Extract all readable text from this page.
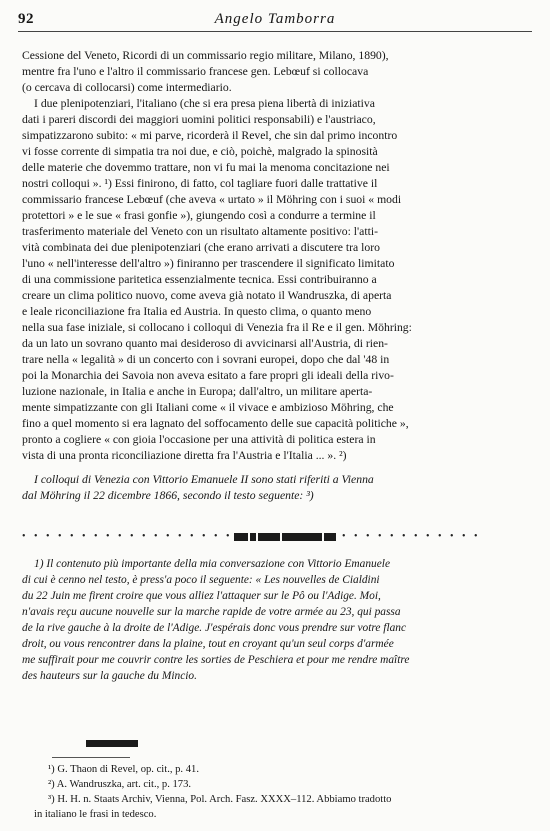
92	Angelo Tamborra
Cessione del Veneto, Ricordi di un commissario regio militare, Milano, 1890),
mentre fra l'uno e l'altro il commissario francese gen. Lebœuf si collocava
(o cercava di collocarsi) come intermediario.
I due plenipotenziari, l'italiano (che si era presa piena libertà di iniziativa
dati i pareri discordi dei maggiori uomini politici responsabili) e l'austriaco,
simpatizzarono subito: « mi parve, ricorderà il Revel, che sin dal primo incontro
vi fosse corrente di simpatia tra noi due, e ciò, poichè, malgrado la spinosità
delle materie che dovemmo trattare, non vi fu mai la menoma concitazione nei
nostri colloqui ». ¹) Essi finirono, di fatto, col tagliare fuori dalle trattative il
commissario francese Lebœuf (che aveva « urtato » il Möhring con i suoi « modi
protettori » e le sue « frasi gonfie »), giungendo così a condurre a termine il
trasferimento materiale del Veneto con un risultato altamente positivo: l'atti-
vità combinata dei due plenipotenziari (che erano arrivati a discutere tra loro
l'uno « nell'interesse dell'altro ») finiranno per trascendere il significato limitato
di una commissione paritetica essenzialmente tecnica. Essi contribuiranno a
creare un clima politico nuovo, come aveva già notato il Wandruszka, di aperta
e leale riconciliazione fra Italia ed Austria. In questo clima, o quanto meno
nella sua fase iniziale, si collocano i colloqui di Venezia fra il Re e il gen. Möhring:
da un lato un sovrano quanto mai desideroso di avvicinarsi all'Austria, di rien-
trare nella « legalità » di un concerto con i sovrani europei, dopo che dal '48 in
poi la Monarchia dei Savoia non aveva esitato a fare propri gli ideali della rivo-
luzione nazionale, in Italia e anche in Europa; dall'altro, un militare aperta-
mente simpatizzante con gli Italiani come « il vivace e ambizioso Möhring, che
fino a quel momento si era lagnato del soffocamento delle sue capacità politiche »,
pronto a cogliere « con gioia l'occasione per una attività di politica estera in
vista di una pronta riconciliazione diretta fra l'Austria e l'Italia ... ». ²)
I colloqui di Venezia con Vittorio Emanuele II sono stati riferiti a Vienna
dal Möhring il 22 dicembre 1866, secondo il testo seguente: ³)
• • • • • • • • • • • • • • • • • •	• • • • • • • • • • • •
1) Il contenuto più importante della mia conversazione con Vittorio Emanuele
di cui è cenno nel testo, è press'a poco il seguente: « Les nouvelles de Cialdini
du 22 Juin me firent croire que vous alliez l'attaquer sur le Pô ou l'Adige. Moi,
n'avais reçu aucune nouvelle sur la marche rapide de votre armée au 23, qui passa
de la rive gauche à la droite de l'Adige. J'espérais donc vous prendre sur votre flanc
droit, ou vous rencontrer dans la plaine, tout en croyant qu'un seul corps d'armée
me suffirait pour me couvrir contre les sorties de Peschiera et pour me rendre maître
des hauteurs sur la gauche du Mincio.
¹) G. Thaon di Revel, op. cit., p. 41.
²) A. Wandruszka, art. cit., p. 173.
³) H. H. n. Staats Archiv, Vienna, Pol. Arch. Fasz. XXXX–112. Abbiamo tradotto
in italiano le frasi in tedesco.
